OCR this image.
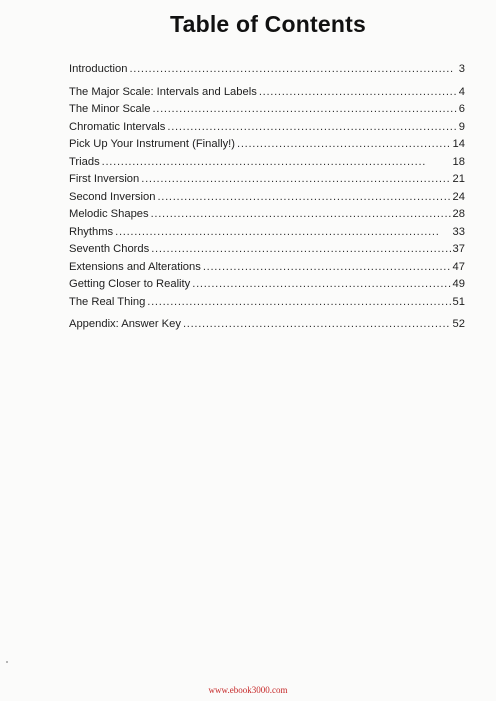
Table of Contents
Introduction . . .	3
The Major Scale: Intervals and Labels . . .	4
The Minor Scale . . .	6
Chromatic Intervals . . .	9
Pick Up Your Instrument (Finally!) . . .	14
Triads . . .	18
First Inversion . . .	21
Second Inversion . . .	24
Melodic Shapes . . .	28
Rhythms . . .	33
Seventh Chords . . .	37
Extensions and Alterations . . .	47
Getting Closer to Reality . . .	49
The Real Thing . . .	51
Appendix: Answer Key . . .	52
www.ebook3000.com
